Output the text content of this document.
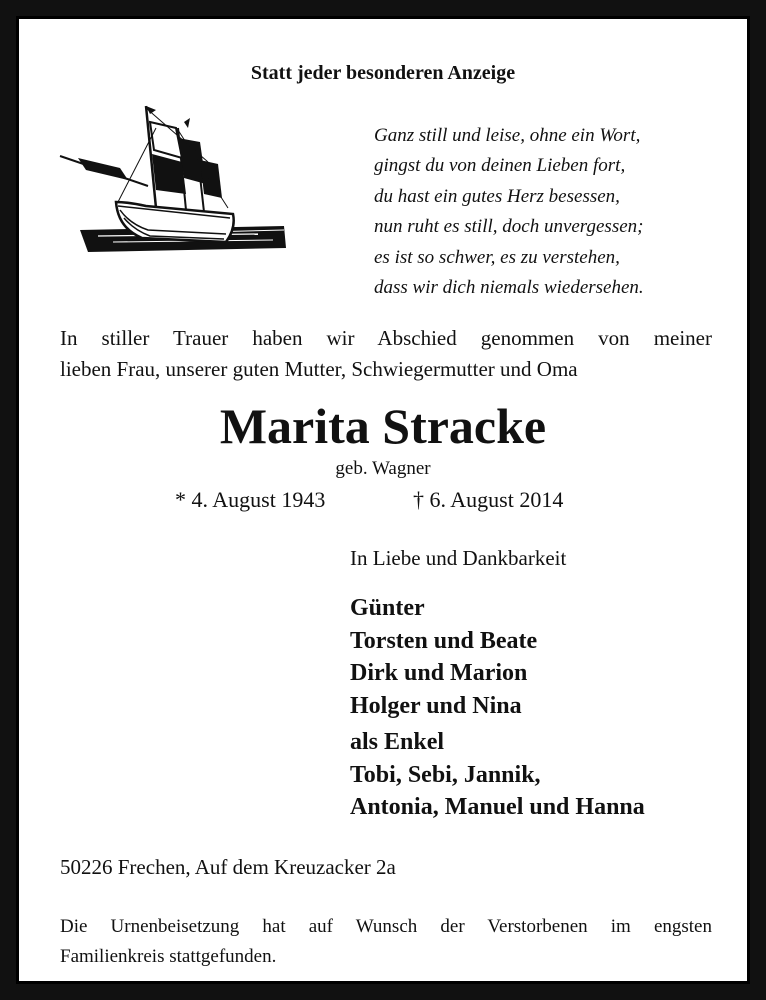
Statt jeder besonderen Anzeige
Ganz still und leise, ohne ein Wort,
gingst du von deinen Lieben fort,
du hast ein gutes Herz besessen,
nun ruht es still, doch unvergessen;
es ist so schwer, es zu verstehen,
dass wir dich niemals wiedersehen.
In stiller Trauer haben wir Abschied genommen von meiner
lieben Frau, unserer guten Mutter, Schwiegermutter und Oma
Marita Stracke
geb. Wagner
* 4. August 1943	† 6. August 2014
In Liebe und Dankbarkeit
Günter
Torsten und Beate
Dirk und Marion
Holger und Nina
als Enkel
Tobi, Sebi, Jannik,
Antonia, Manuel und Hanna
50226 Frechen, Auf dem Kreuzacker 2a
Die Urnenbeisetzung hat auf Wunsch der Verstorbenen im engsten
Familienkreis stattgefunden.
